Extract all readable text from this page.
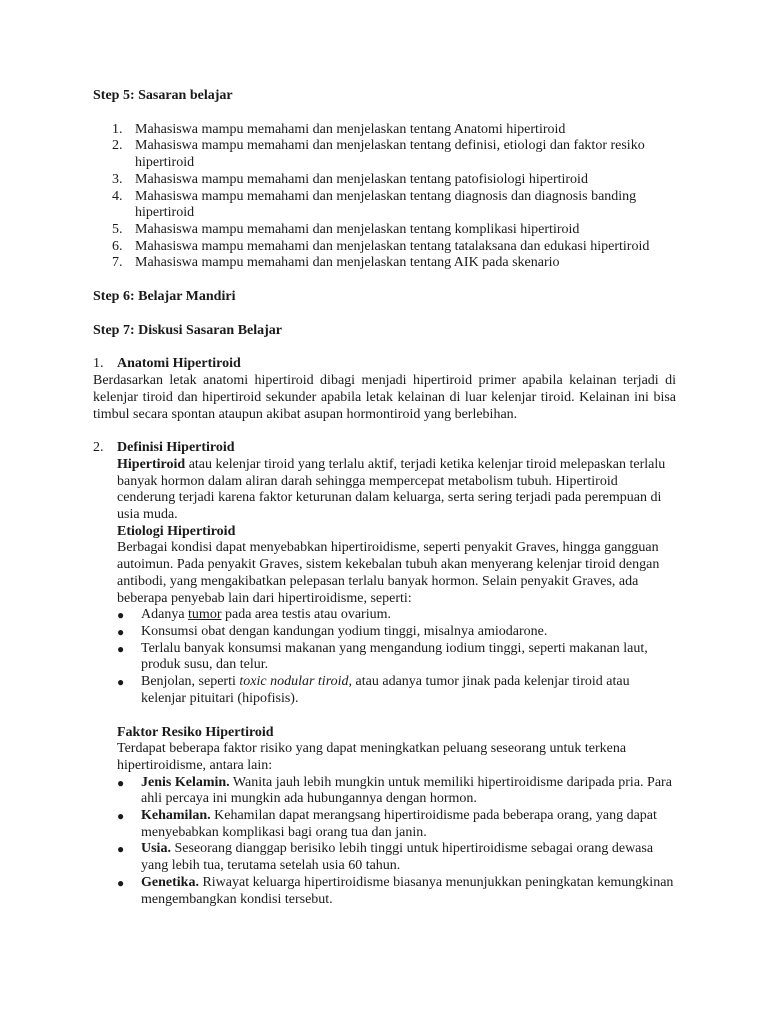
Step 5: Sasaran belajar

1. Mahasiswa mampu memahami dan menjelaskan tentang Anatomi hipertiroid
2. Mahasiswa mampu memahami dan menjelaskan tentang definisi, etiologi dan faktor resiko hipertiroid
3. Mahasiswa mampu memahami dan menjelaskan tentang patofisiologi hipertiroid
4. Mahasiswa mampu memahami dan menjelaskan tentang diagnosis dan diagnosis banding hipertiroid
5. Mahasiswa mampu memahami dan menjelaskan tentang komplikasi hipertiroid
6. Mahasiswa mampu memahami dan menjelaskan tentang tatalaksana dan edukasi hipertiroid
7. Mahasiswa mampu memahami dan menjelaskan tentang AIK pada skenario

Step 6: Belajar Mandiri

Step 7: Diskusi Sasaran Belajar

1. Anatomi Hipertiroid

Berdasarkan letak anatomi hipertiroid dibagi menjadi hipertiroid primer apabila kelainan terjadi di kelenjar tiroid dan hipertiroid sekunder apabila letak kelainan di luar kelenjar tiroid. Kelainan ini bisa timbul secara spontan ataupun akibat asupan hormontiroid yang berlebihan.

2. Definisi Hipertiroid

Hipertiroid atau kelenjar tiroid yang terlalu aktif, terjadi ketika kelenjar tiroid melepaskan terlalu banyak hormon dalam aliran darah sehingga mempercepat metabolism tubuh. Hipertiroid cenderung terjadi karena faktor keturunan dalam keluarga, serta sering terjadi pada perempuan di usia muda.

Etiologi Hipertiroid

Berbagai kondisi dapat menyebabkan hipertiroidisme, seperti penyakit Graves, hingga gangguan autoimun. Pada penyakit Graves, sistem kekebalan tubuh akan menyerang kelenjar tiroid dengan antibodi, yang mengakibatkan pelepasan terlalu banyak hormon. Selain penyakit Graves, ada beberapa penyebab lain dari hipertiroidisme, seperti:

● Adanya tumor pada area testis atau ovarium.
● Konsumsi obat dengan kandungan yodium tinggi, misalnya amiodarone.
● Terlalu banyak konsumsi makanan yang mengandung iodium tinggi, seperti makanan laut, produk susu, dan telur.
● Benjolan, seperti toxic nodular tiroid, atau adanya tumor jinak pada kelenjar tiroid atau kelenjar pituitari (hipofisis).

Faktor Resiko Hipertiroid

Terdapat beberapa faktor risiko yang dapat meningkatkan peluang seseorang untuk terkena hipertiroidisme, antara lain:

● Jenis Kelamin. Wanita jauh lebih mungkin untuk memiliki hipertiroidisme daripada pria. Para ahli percaya ini mungkin ada hubungannya dengan hormon.
● Kehamilan. Kehamilan dapat merangsang hipertiroidisme pada beberapa orang, yang dapat menyebabkan komplikasi bagi orang tua dan janin.
● Usia. Seseorang dianggap berisiko lebih tinggi untuk hipertiroidisme sebagai orang dewasa yang lebih tua, terutama setelah usia 60 tahun.
● Genetika. Riwayat keluarga hipertiroidisme biasanya menunjukkan peningkatan kemungkinan mengembangkan kondisi tersebut.
